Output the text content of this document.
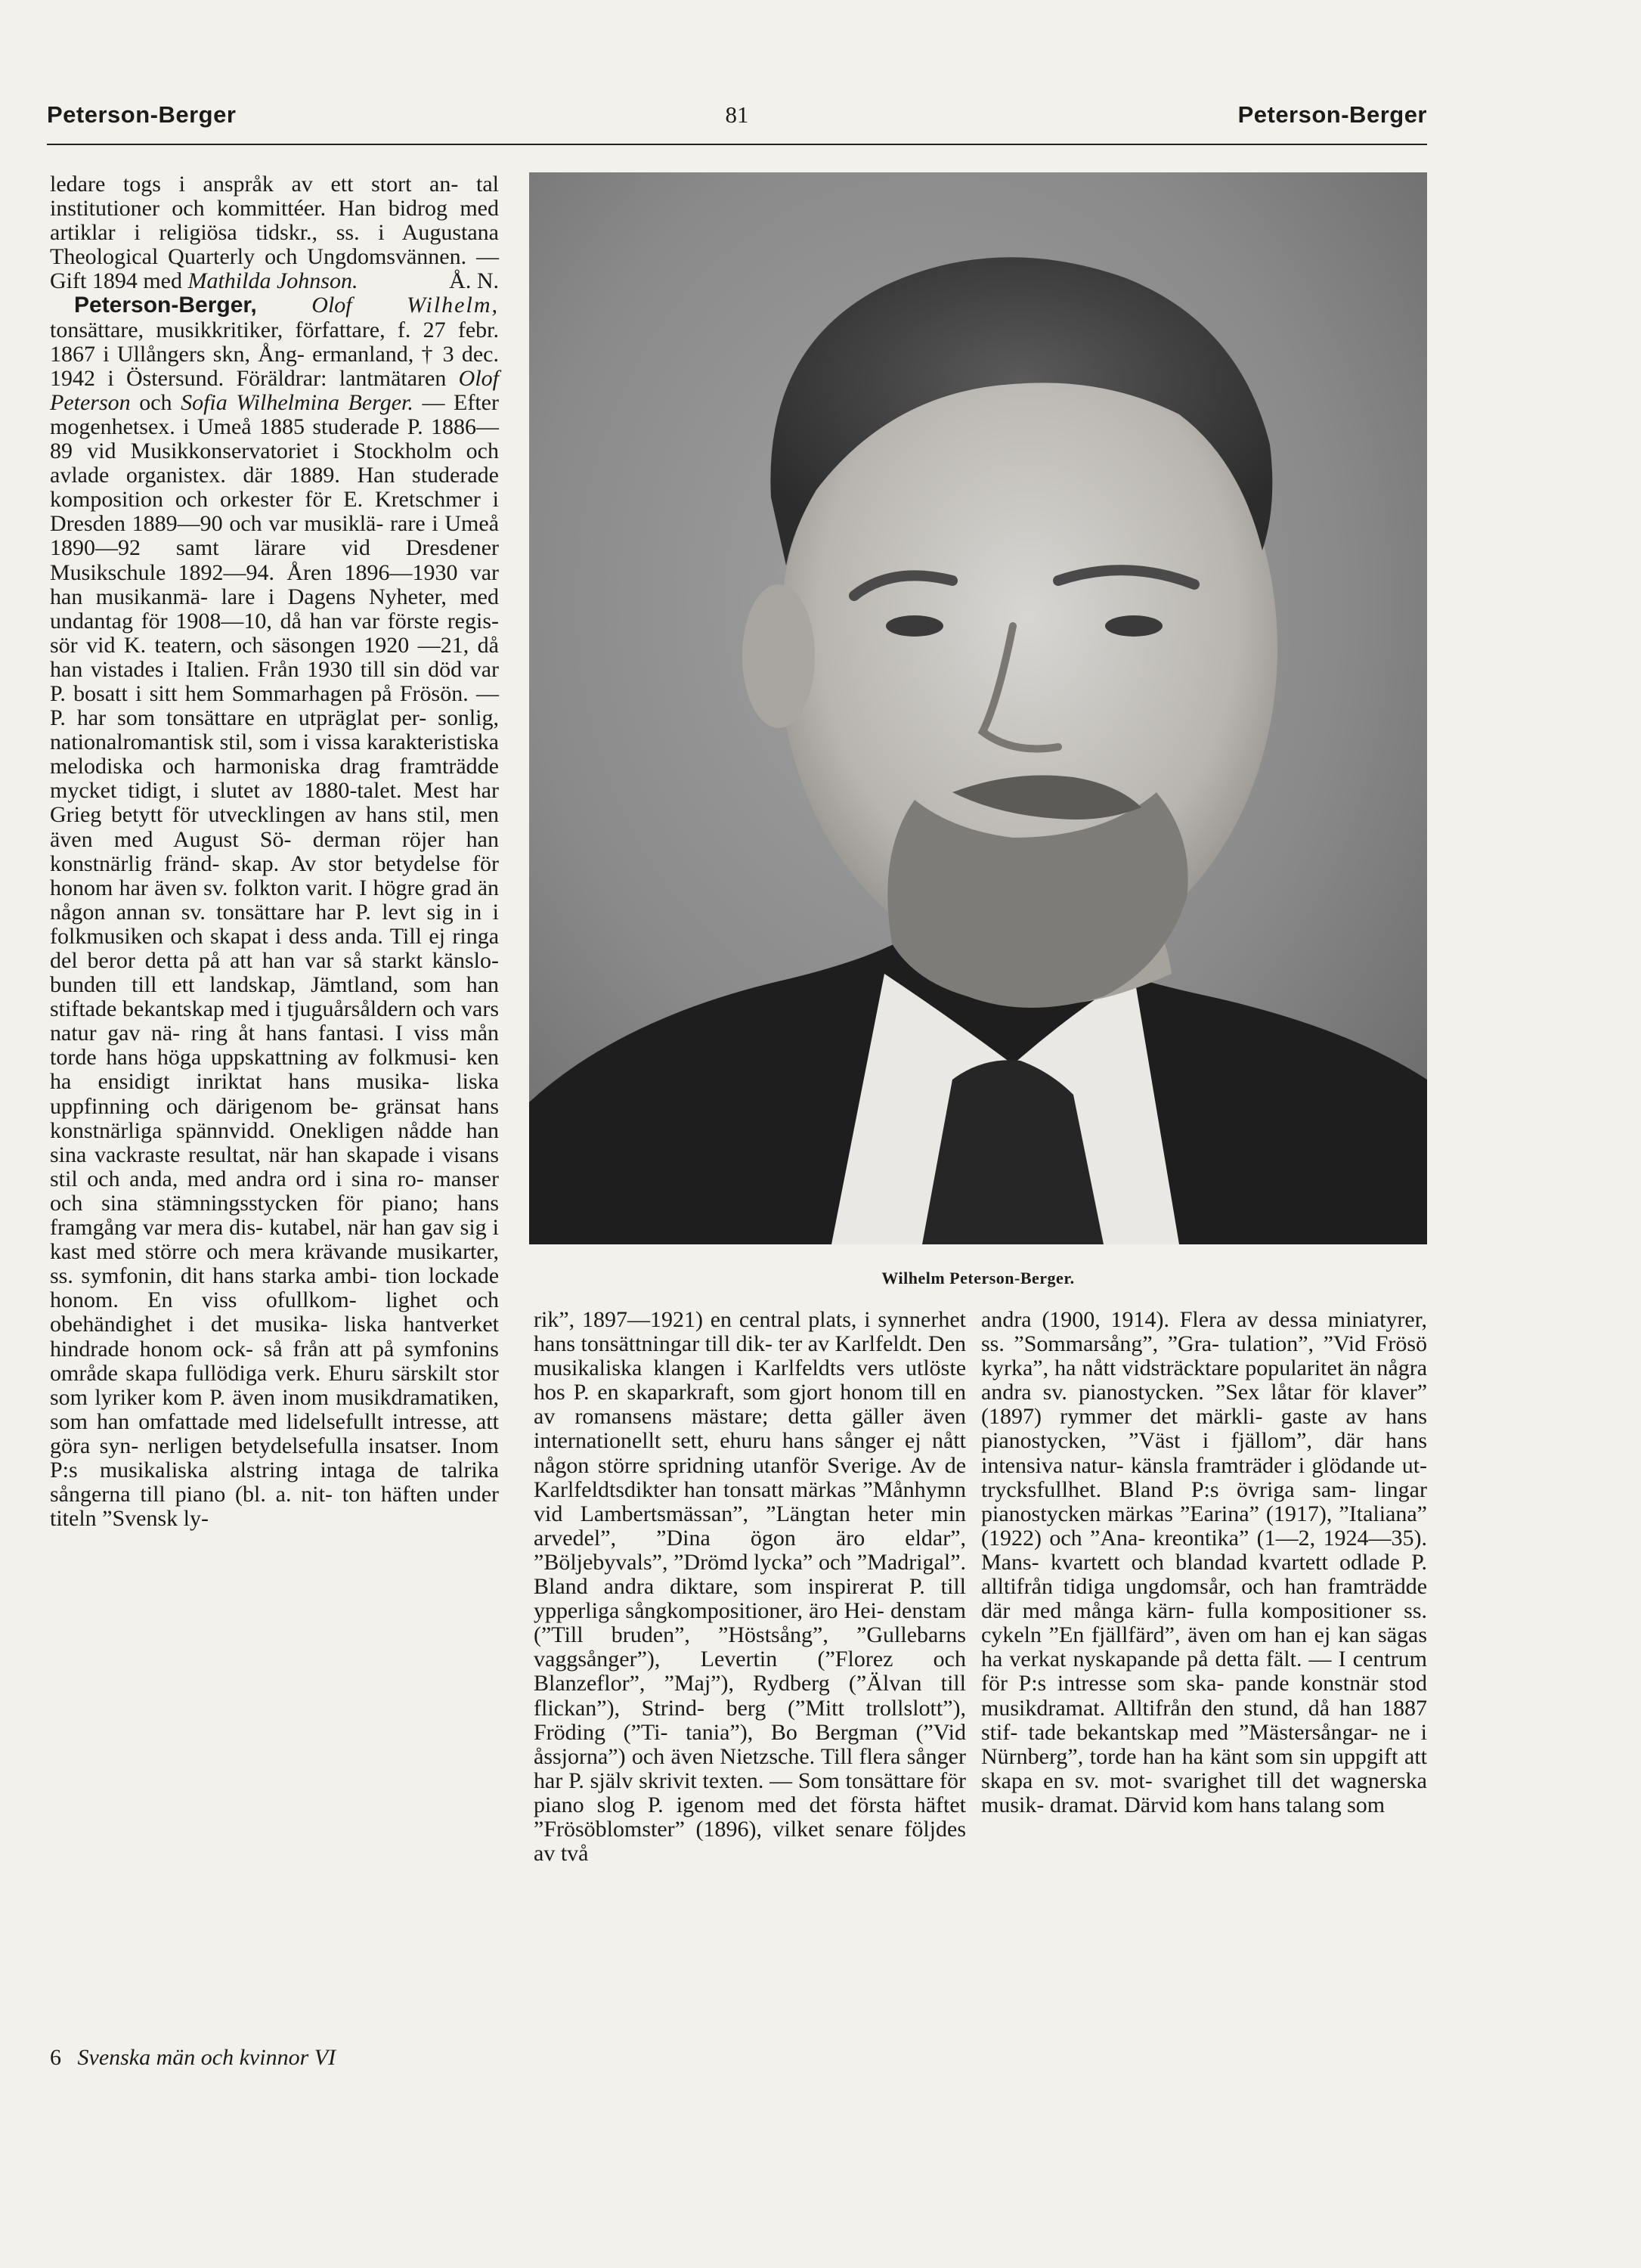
Peterson-Berger	81	Peterson-Berger

ledare togs i anspråk av ett stort an- tal institutioner och kommittéer. Han bidrog med artiklar i religiösa tidskr., ss. i Augustana Theological Quarterly och Ungdomsvännen. — Gift 1894 med Mathilda Johnson.	Å. N.

Peterson-Berger, Olof Wilhelm, tonsättare, musikkritiker, författare, f. 27 febr. 1867 i Ullångers skn, Ång- ermanland, † 3 dec. 1942 i Östersund. Föräldrar: lantmätaren Olof Peterson och Sofia Wilhelmina Berger. — Efter mogenhetsex. i Umeå 1885 studerade P. 1886—89 vid Musikkonservatoriet i Stockholm och avlade organistex. där 1889. Han studerade komposition och orkester för E. Kretschmer i Dresden 1889—90 och var musiklä- rare i Umeå 1890—92 samt lärare vid Dresdener Musikschule 1892—94. Åren 1896—1930 var han musikanmä- lare i Dagens Nyheter, med undantag för 1908—10, då han var förste regis- sör vid K. teatern, och säsongen 1920 —21, då han vistades i Italien. Från 1930 till sin död var P. bosatt i sitt hem Sommarhagen på Frösön. — P. har som tonsättare en utpräglat per- sonlig, nationalromantisk stil, som i vissa karakteristiska melodiska och harmoniska drag framträdde mycket tidigt, i slutet av 1880-talet. Mest har Grieg betytt för utvecklingen av hans stil, men även med August Sö- derman röjer han konstnärlig fränd- skap. Av stor betydelse för honom har även sv. folkton varit. I högre grad än någon annan sv. tonsättare har P. levt sig in i folkmusiken och skapat i dess anda. Till ej ringa del beror detta på att han var så starkt känslo- bunden till ett landskap, Jämtland, som han stiftade bekantskap med i tjuguårsåldern och vars natur gav nä- ring åt hans fantasi. I viss mån torde hans höga uppskattning av folkmusi- ken ha ensidigt inriktat hans musika- liska uppfinning och därigenom be- gränsat hans konstnärliga spännvidd. Onekligen nådde han sina vackraste resultat, när han skapade i visans stil och anda, med andra ord i sina ro- manser och sina stämningsstycken för piano; hans framgång var mera dis- kutabel, när han gav sig i kast med större och mera krävande musikarter, ss. symfonin, dit hans starka ambi- tion lockade honom. En viss ofullkom- lighet och obehändighet i det musika- liska hantverket hindrade honom ock- så från att på symfonins område skapa fullödiga verk. Ehuru särskilt stor som lyriker kom P. även inom musikdramatiken, som han omfattade med lidelsefullt intresse, att göra syn- nerligen betydelsefulla insatser. Inom P:s musikaliska alstring intaga de talrika sångerna till piano (bl. a. nit- ton häften under titeln ”Svensk ly-

Wilhelm Peterson-Berger.

rik”, 1897—1921) en central plats, i synnerhet hans tonsättningar till dik- ter av Karlfeldt. Den musikaliska klangen i Karlfeldts vers utlöste hos P. en skaparkraft, som gjort honom till en av romansens mästare; detta gäller även internationellt sett, ehuru hans sånger ej nått någon större spridning utanför Sverige. Av de Karlfeldtsdikter han tonsatt märkas ”Månhymn vid Lambertsmässan”, ”Längtan heter min arvedel”, ”Dina ögon äro eldar”, ”Böljebyvals”, ”Drömd lycka” och ”Madrigal”. Bland andra diktare, som inspirerat P. till ypperliga sångkompositioner, äro Hei- denstam (”Till bruden”, ”Höstsång”, ”Gullebarns vaggsånger”), Levertin (”Florez och Blanzeflor”, ”Maj”), Rydberg (”Älvan till flickan”), Strind- berg (”Mitt trollslott”), Fröding (”Ti- tania”), Bo Bergman (”Vid åssjorna”) och även Nietzsche. Till flera sånger har P. själv skrivit texten. — Som tonsättare för piano slog P. igenom med det första häftet ”Frösöblomster” (1896), vilket senare följdes av två

andra (1900, 1914). Flera av dessa miniatyrer, ss. ”Sommarsång”, ”Gra- tulation”, ”Vid Frösö kyrka”, ha nått vidsträcktare popularitet än några andra sv. pianostycken. ”Sex låtar för klaver” (1897) rymmer det märkli- gaste av hans pianostycken, ”Väst i fjällom”, där hans intensiva natur- känsla framträder i glödande ut- trycksfullhet. Bland P:s övriga sam- lingar pianostycken märkas ”Earina” (1917), ”Italiana” (1922) och ”Ana- kreontika” (1—2, 1924—35). Mans- kvartett och blandad kvartett odlade P. alltifrån tidiga ungdomsår, och han framträdde där med många kärn- fulla kompositioner ss. cykeln ”En fjällfärd”, även om han ej kan sägas ha verkat nyskapande på detta fält. — I centrum för P:s intresse som ska- pande konstnär stod musikdramat. Alltifrån den stund, då han 1887 stif- tade bekantskap med ”Mästersångar- ne i Nürnberg”, torde han ha känt som sin uppgift att skapa en sv. mot- svarighet till det wagnerska musik- dramat. Därvid kom hans talang som

6 Svenska män och kvinnor VI
